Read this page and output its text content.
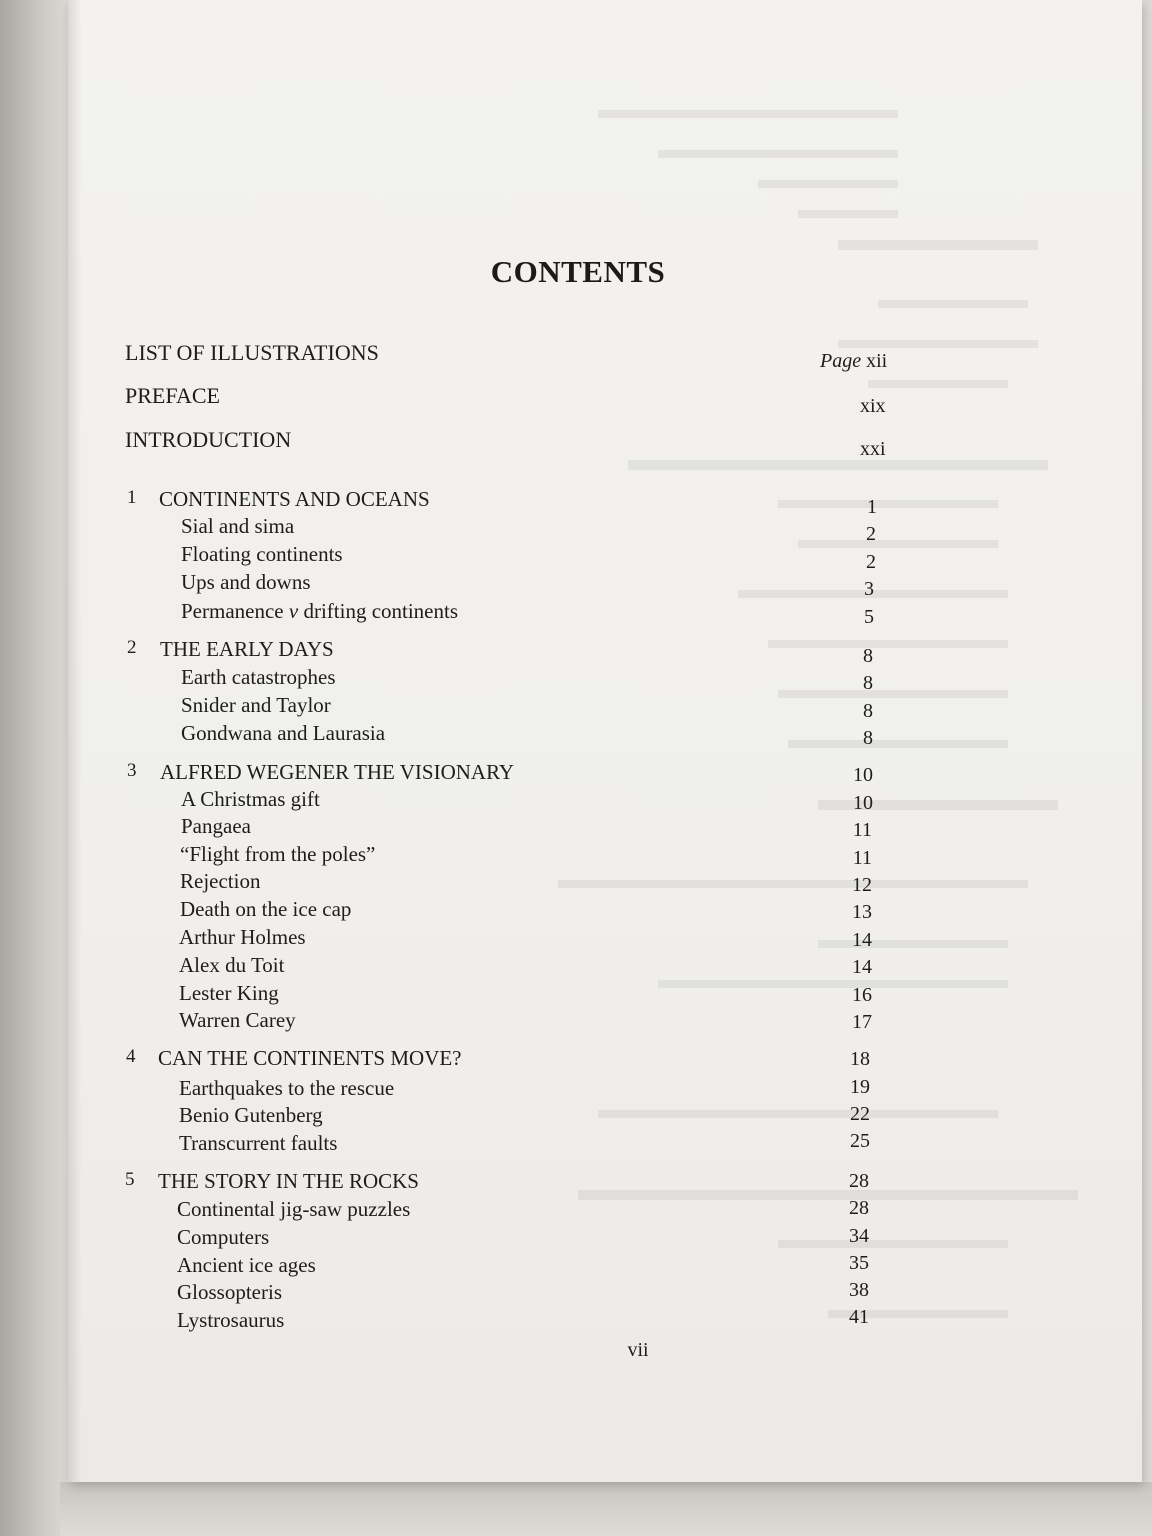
CONTENTS
LIST OF ILLUSTRATIONS	Page xii
PREFACE	xix
INTRODUCTION	xxi
1 CONTINENTS AND OCEANS	1
Sial and sima	2
Floating continents	2
Ups and downs	3
Permanence v drifting continents	5
2 THE EARLY DAYS	8
Earth catastrophes	8
Snider and Taylor	8
Gondwana and Laurasia	8
3 ALFRED WEGENER THE VISIONARY	10
A Christmas gift	10
Pangaea	11
“Flight from the poles”	11
Rejection	12
Death on the ice cap	13
Arthur Holmes	14
Alex du Toit	14
Lester King	16
Warren Carey	17
4 CAN THE CONTINENTS MOVE?	18
Earthquakes to the rescue	19
Benio Gutenberg	22
Transcurrent faults	25
5 THE STORY IN THE ROCKS	28
Continental jig-saw puzzles	28
Computers	34
Ancient ice ages	35
Glossopteris	38
Lystrosaurus	41
vii
